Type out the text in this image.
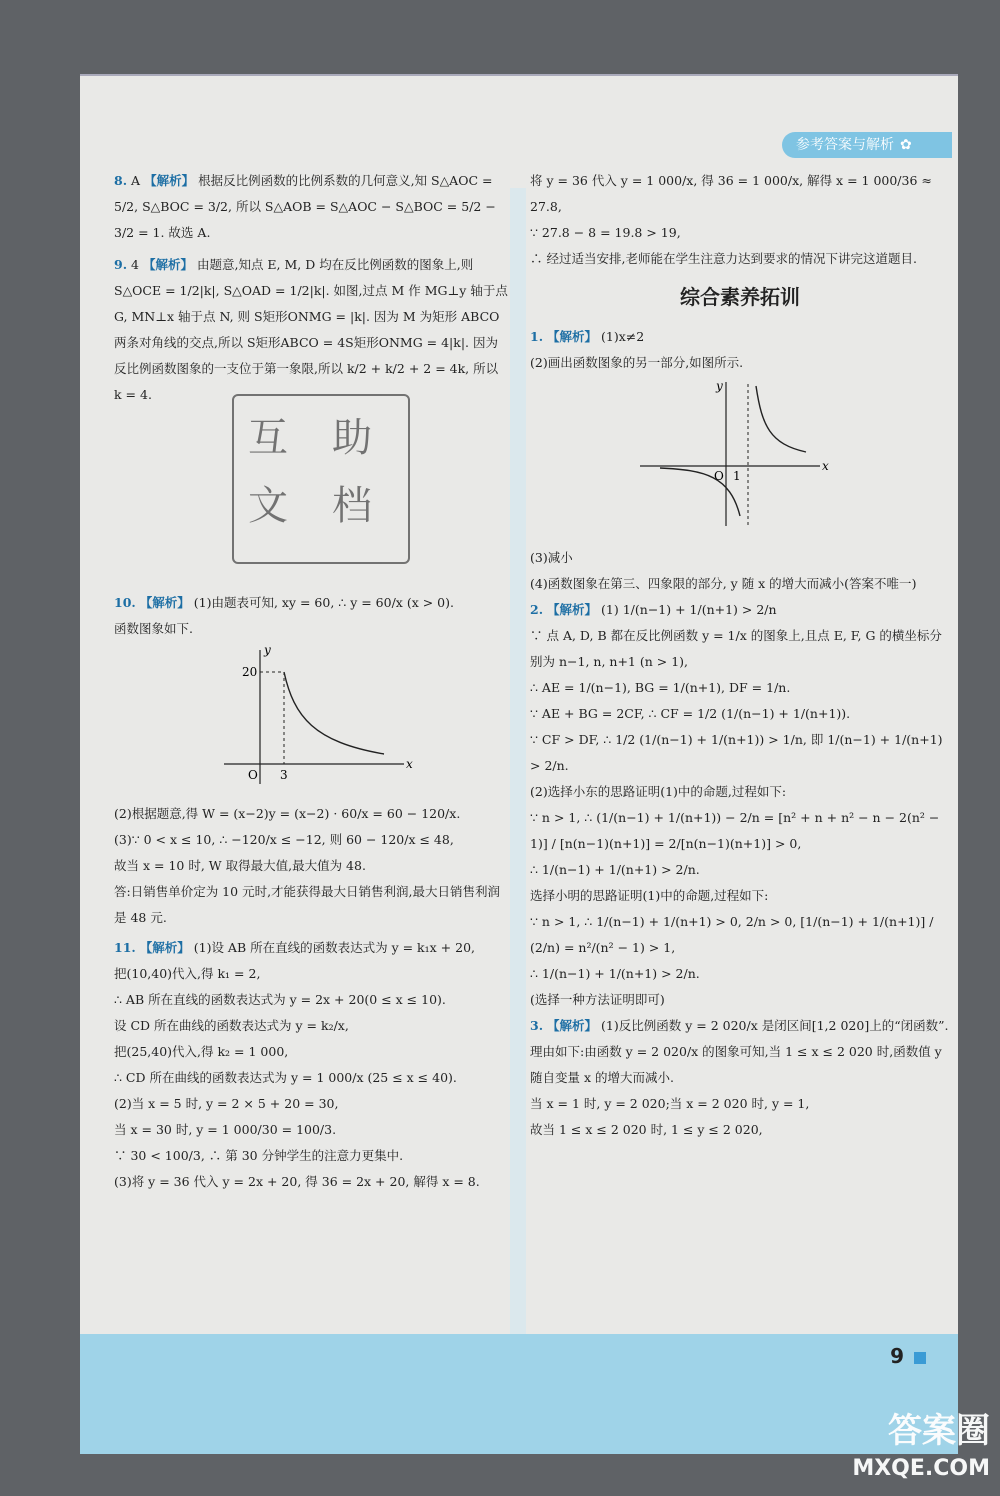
参考答案与解析 ✿

8. A 【解析】 根据反比例函数的比例系数的几何意义,知 S△AOC = 5/2, S△BOC = 3/2, 所以 S△AOB = S△AOC − S△BOC = 5/2 − 3/2 = 1. 故选 A.

9. 4 【解析】 由题意,知点 E, M, D 均在反比例函数的图象上,则 S△OCE = 1/2|k|, S△OAD = 1/2|k|. 如图,过点 M 作 MG⊥y 轴于点 G, MN⊥x 轴于点 N, 则 S矩形ONMG = |k|. 因为 M 为矩形 ABCO 两条对角线的交点,所以 S矩形ABCO = 4S矩形ONMG = 4|k|. 因为反比例函数图象的一支位于第一象限,所以 k/2 + k/2 + 2 = 4k, 所以 k = 4.

10. 【解析】 (1)由题表可知, xy = 60, ∴ y = 60/x (x > 0).

函数图象如下.

20
3
O
x
y

(2)根据题意,得 W = (x−2)y = (x−2) · 60/x = 60 − 120/x.

(3)∵ 0 < x ≤ 10, ∴ −120/x ≤ −12, 则 60 − 120/x ≤ 48,

故当 x = 10 时, W 取得最大值,最大值为 48.

答:日销售单价定为 10 元时,才能获得最大日销售利润,最大日销售利润是 48 元.

11. 【解析】 (1)设 AB 所在直线的函数表达式为 y = k₁x + 20,

把(10,40)代入,得 k₁ = 2,

∴ AB 所在直线的函数表达式为 y = 2x + 20(0 ≤ x ≤ 10).

设 CD 所在曲线的函数表达式为 y = k₂/x,

把(25,40)代入,得 k₂ = 1 000,

∴ CD 所在曲线的函数表达式为 y = 1 000/x (25 ≤ x ≤ 40).

(2)当 x = 5 时, y = 2 × 5 + 20 = 30,

当 x = 30 时, y = 1 000/30 = 100/3.

∵ 30 < 100/3, ∴ 第 30 分钟学生的注意力更集中.

(3)将 y = 36 代入 y = 2x + 20, 得 36 = 2x + 20, 解得 x = 8.

互 助
文 档

将 y = 36 代入 y = 1 000/x, 得 36 = 1 000/x, 解得 x = 1 000/36 ≈ 27.8,

∵ 27.8 − 8 = 19.8 > 19,

∴ 经过适当安排,老师能在学生注意力达到要求的情况下讲完这道题目.

综合素养拓训

1. 【解析】 (1)x≠2

(2)画出函数图象的另一部分,如图所示.

O 1
x
y

(3)减小

(4)函数图象在第三、四象限的部分, y 随 x 的增大而减小(答案不唯一)

2. 【解析】 (1) 1/(n−1) + 1/(n+1) > 2/n

∵ 点 A, D, B 都在反比例函数 y = 1/x 的图象上,且点 E, F, G 的横坐标分别为 n−1, n, n+1 (n > 1),

∴ AE = 1/(n−1), BG = 1/(n+1), DF = 1/n.

∵ AE + BG = 2CF, ∴ CF = 1/2 (1/(n−1) + 1/(n+1)).

∵ CF > DF, ∴ 1/2 (1/(n−1) + 1/(n+1)) > 1/n, 即 1/(n−1) + 1/(n+1) > 2/n.

(2)选择小东的思路证明(1)中的命题,过程如下:

∵ n > 1, ∴ (1/(n−1) + 1/(n+1)) − 2/n = [n² + n + n² − n − 2(n² − 1)] / [n(n−1)(n+1)] = 2/[n(n−1)(n+1)] > 0,

∴ 1/(n−1) + 1/(n+1) > 2/n.

选择小明的思路证明(1)中的命题,过程如下:

∵ n > 1, ∴ 1/(n−1) + 1/(n+1) > 0, 2/n > 0, [1/(n−1) + 1/(n+1)] / (2/n) = n²/(n² − 1) > 1,

∴ 1/(n−1) + 1/(n+1) > 2/n.

(选择一种方法证明即可)

3. 【解析】 (1)反比例函数 y = 2 020/x 是闭区间[1,2 020]上的“闭函数”.理由如下:由函数 y = 2 020/x 的图象可知,当 1 ≤ x ≤ 2 020 时,函数值 y 随自变量 x 的增大而减小.

当 x = 1 时, y = 2 020;当 x = 2 020 时, y = 1,

故当 1 ≤ x ≤ 2 020 时, 1 ≤ y ≤ 2 020,

9
答案圈
MXQE.COM
